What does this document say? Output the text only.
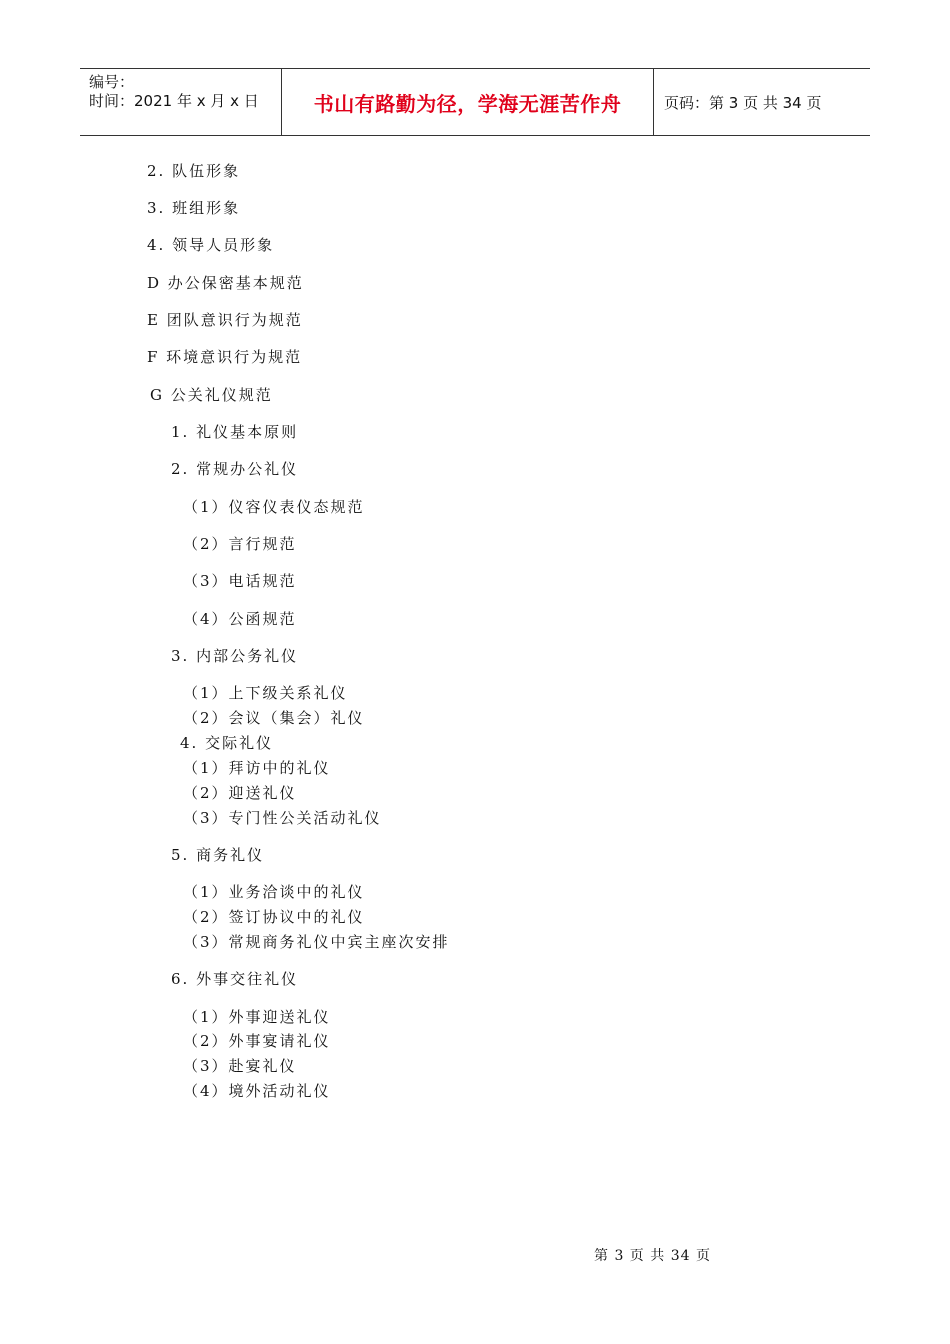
编号：
时间：2021 年 x 月 x 日	书山有路勤为径，学海无涯苦作舟	页码：第 3 页 共 34 页
2. 队伍形象
3. 班组形象
4. 领导人员形象
D 办公保密基本规范
E 团队意识行为规范
F 环境意识行为规范
G 公关礼仪规范
1. 礼仪基本原则
2. 常规办公礼仪
（1）仪容仪表仪态规范
（2）言行规范
（3）电话规范
（4）公函规范
3. 内部公务礼仪
（1）上下级关系礼仪
（2）会议（集会）礼仪
4. 交际礼仪
（1）拜访中的礼仪
（2）迎送礼仪
（3）专门性公关活动礼仪
5. 商务礼仪
（1）业务洽谈中的礼仪
（2）签订协议中的礼仪
（3）常规商务礼仪中宾主座次安排
6. 外事交往礼仪
（1）外事迎送礼仪
（2）外事宴请礼仪
（3）赴宴礼仪
（4）境外活动礼仪
第 3 页 共 34 页
